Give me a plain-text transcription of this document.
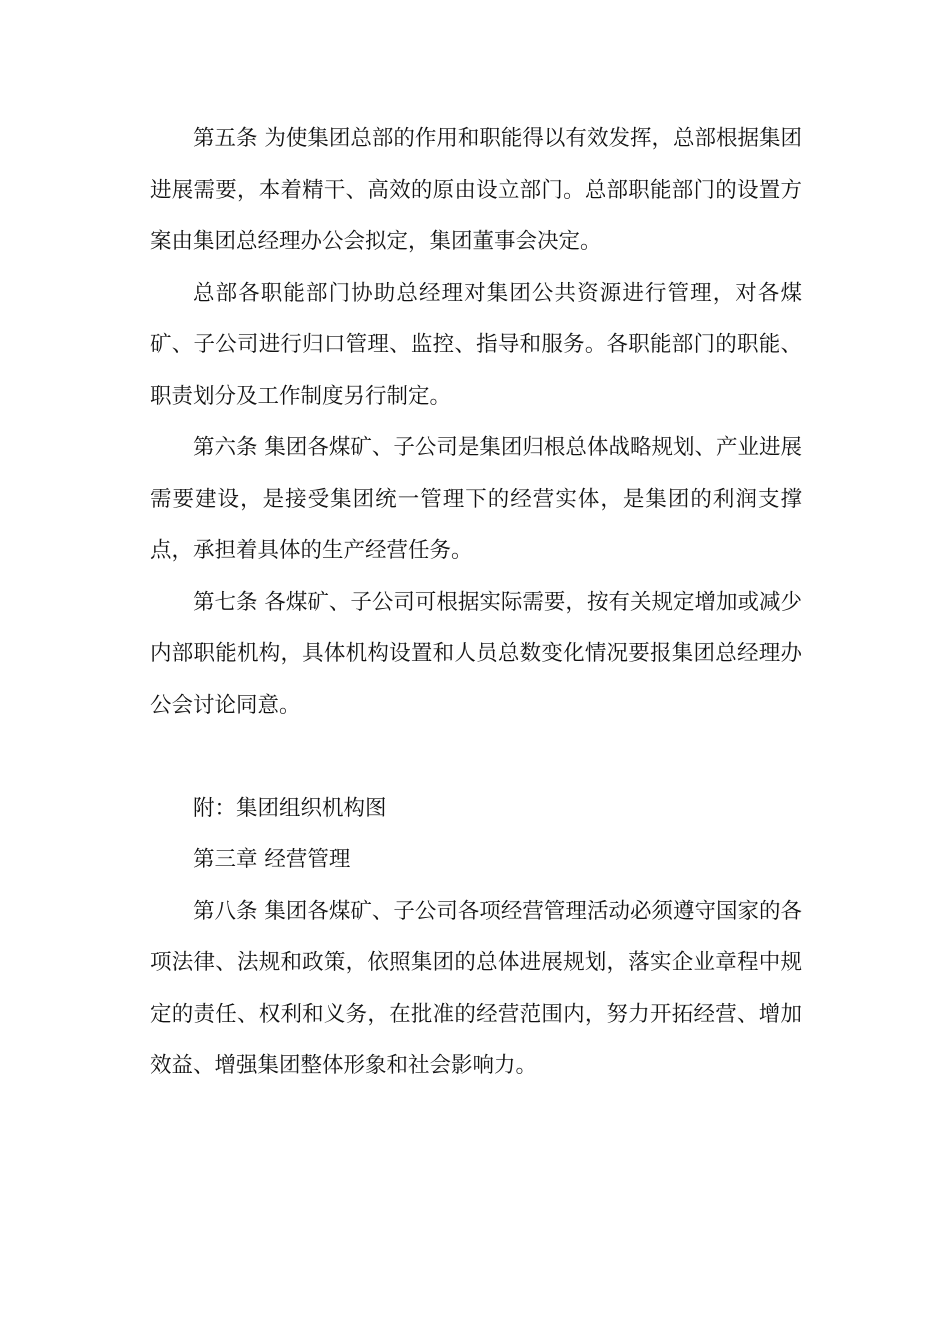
第五条 为使集团总部的作用和职能得以有效发挥，总部根据集团进展需要，本着精干、高效的原由设立部门。总部职能部门的设置方案由集团总经理办公会拟定，集团董事会决定。

总部各职能部门协助总经理对集团公共资源进行管理，对各煤矿、子公司进行归口管理、监控、指导和服务。各职能部门的职能、职责划分及工作制度另行制定。

第六条 集团各煤矿、子公司是集团归根总体战略规划、产业进展需要建设，是接受集团统一管理下的经营实体，是集团的利润支撑点，承担着具体的生产经营任务。

第七条 各煤矿、子公司可根据实际需要，按有关规定增加或减少内部职能机构，具体机构设置和人员总数变化情况要报集团总经理办公会讨论同意。

附：集团组织机构图

第三章 经营管理

第八条 集团各煤矿、子公司各项经营管理活动必须遵守国家的各项法律、法规和政策，依照集团的总体进展规划，落实企业章程中规定的责任、权利和义务，在批准的经营范围内，努力开拓经营、增加效益、增强集团整体形象和社会影响力。
